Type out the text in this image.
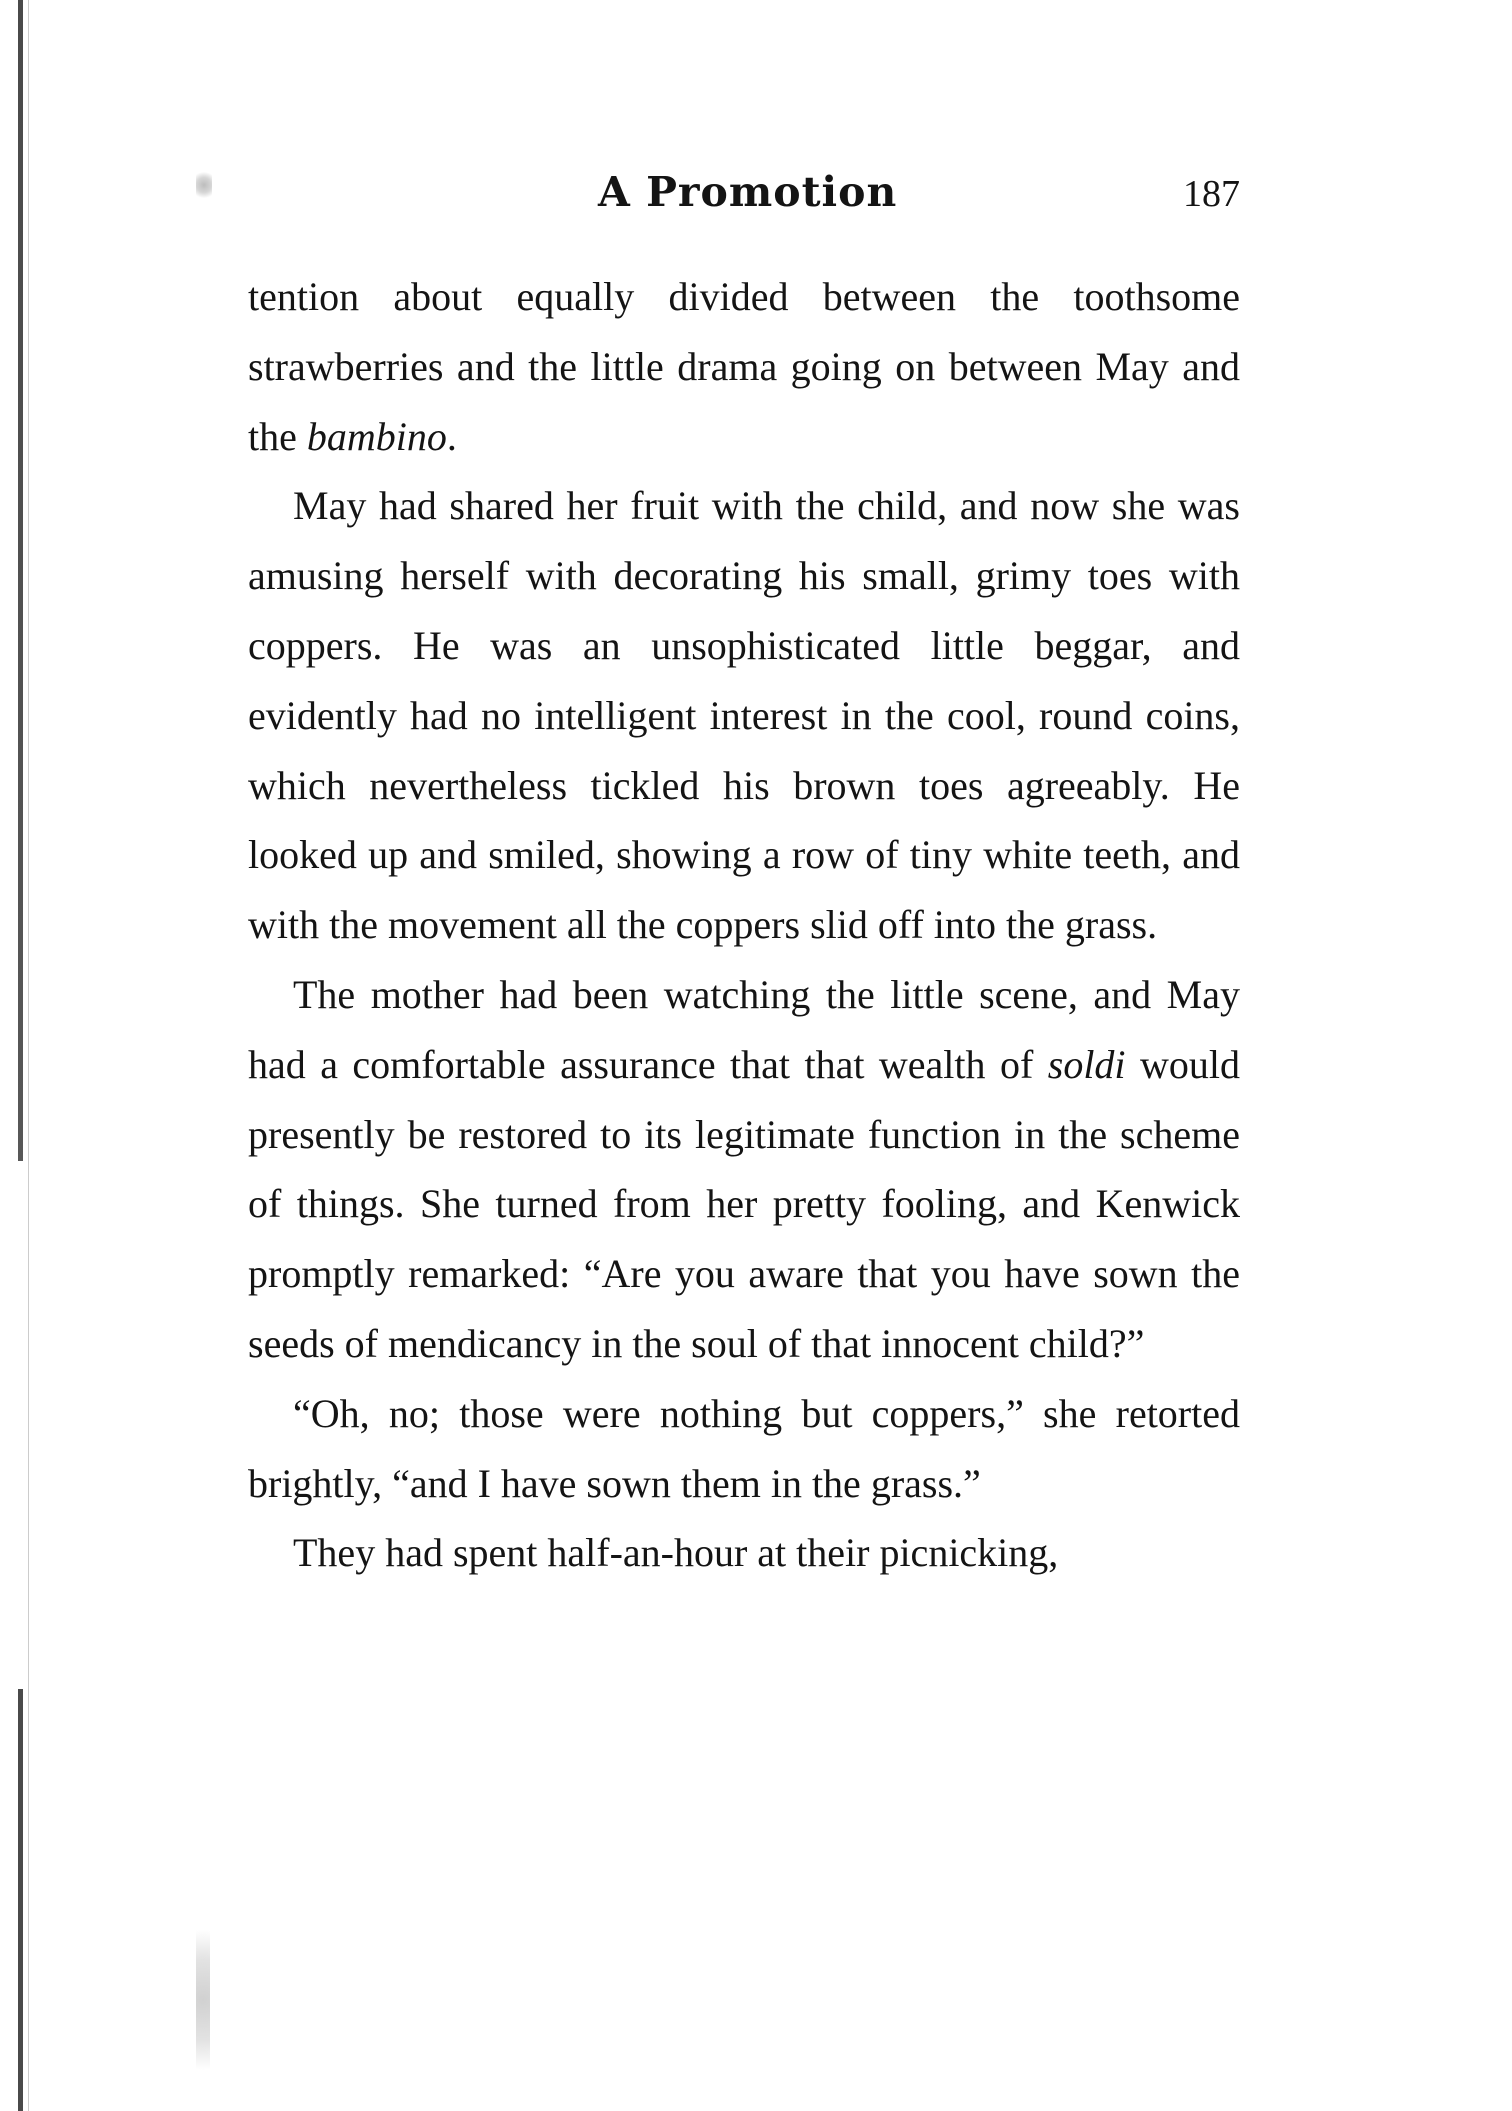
A Promotion	187

tention about equally divided between the toothsome strawberries and the little drama going on between May and the bambino.

May had shared her fruit with the child, and now she was amusing herself with decorating his small, grimy toes with coppers. He was an unsophisticated little beggar, and evidently had no intelligent interest in the cool, round coins, which nevertheless tickled his brown toes agreeably. He looked up and smiled, showing a row of tiny white teeth, and with the movement all the coppers slid off into the grass.

The mother had been watching the little scene, and May had a comfortable assurance that that wealth of soldi would presently be restored to its legitimate function in the scheme of things. She turned from her pretty fooling, and Kenwick promptly remarked: “Are you aware that you have sown the seeds of mendicancy in the soul of that innocent child?”

“Oh, no; those were nothing but coppers,” she retorted brightly, “and I have sown them in the grass.”

They had spent half-an-hour at their picnicking,
